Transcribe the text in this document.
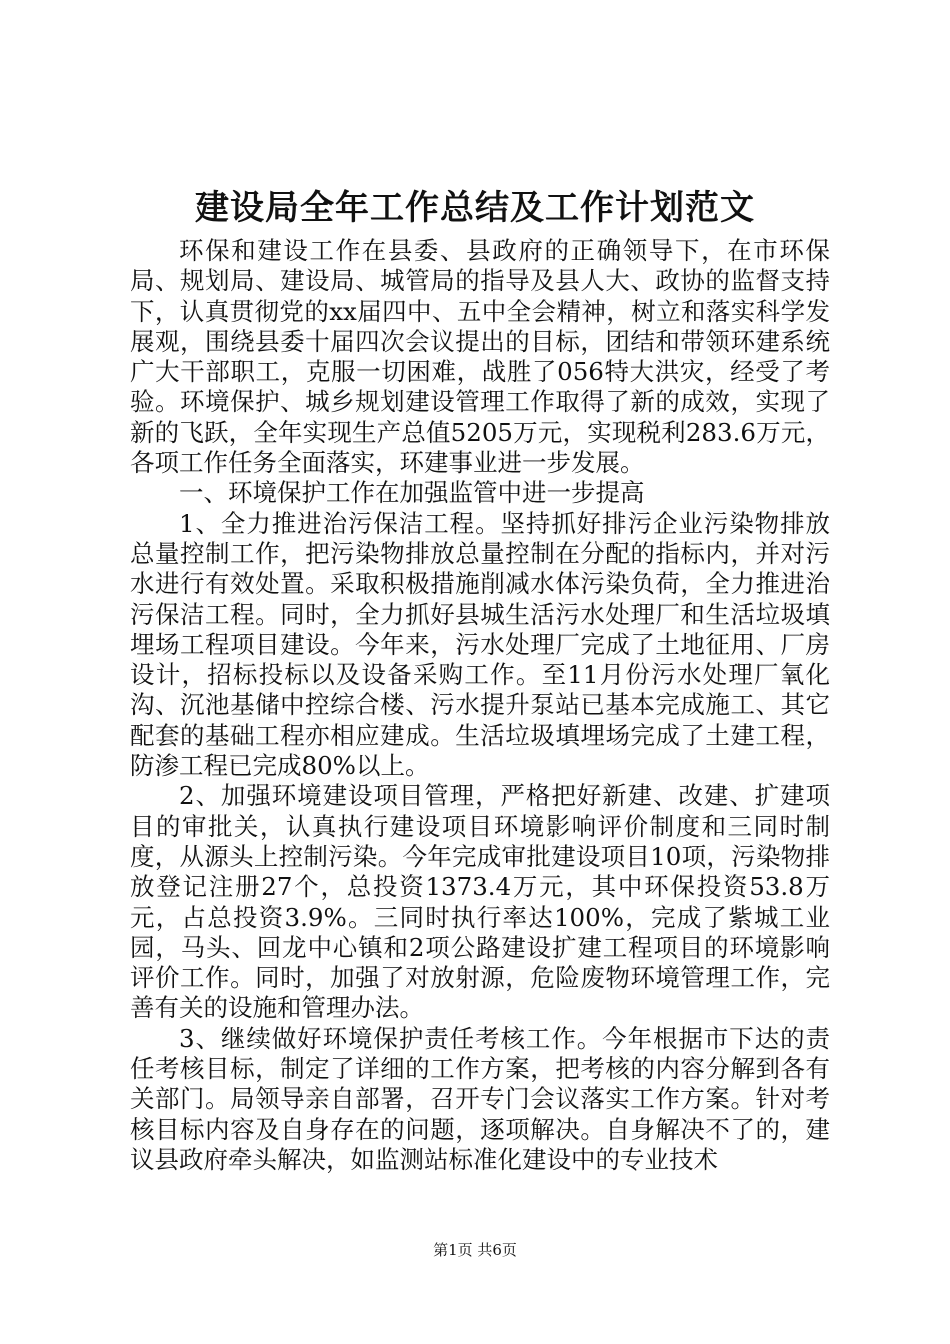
建设局全年工作总结及工作计划范文

环保和建设工作在县委、县政府的正确领导下，在市环保局、规划局、建设局、城管局的指导及县人大、政协的监督支持下，认真贯彻党的xx届四中、五中全会精神，树立和落实科学发展观，围绕县委十届四次会议提出的目标，团结和带领环建系统广大干部职工，克服一切困难，战胜了056特大洪灾，经受了考验。环境保护、城乡规划建设管理工作取得了新的成效，实现了新的飞跃，全年实现生产总值5205万元，实现税利283.6万元，各项工作任务全面落实，环建事业进一步发展。

一、环境保护工作在加强监管中进一步提高

1、全力推进治污保洁工程。坚持抓好排污企业污染物排放总量控制工作，把污染物排放总量控制在分配的指标内，并对污水进行有效处置。采取积极措施削减水体污染负荷，全力推进治污保洁工程。同时，全力抓好县城生活污水处理厂和生活垃圾填埋场工程项目建设。今年来，污水处理厂完成了土地征用、厂房设计，招标投标以及设备采购工作。至11月份污水处理厂氧化沟、沉池基储中控综合楼、污水提升泵站已基本完成施工、其它配套的基础工程亦相应建成。生活垃圾填埋场完成了土建工程，防渗工程已完成80%以上。

2、加强环境建设项目管理，严格把好新建、改建、扩建项目的审批关，认真执行建设项目环境影响评价制度和三同时制度，从源头上控制污染。今年完成审批建设项目10项，污染物排放登记注册27个，总投资1373.4万元，其中环保投资53.8万元，占总投资3.9%。三同时执行率达100%，完成了紫城工业园，马头、回龙中心镇和2项公路建设扩建工程项目的环境影响评价工作。同时，加强了对放射源，危险废物环境管理工作，完善有关的设施和管理办法。

3、继续做好环境保护责任考核工作。今年根据市下达的责任考核目标，制定了详细的工作方案，把考核的内容分解到各有关部门。局领导亲自部署，召开专门会议落实工作方案。针对考核目标内容及自身存在的问题，逐项解决。自身解决不了的，建议县政府牵头解决，如监测站标准化建设中的专业技术

第1页 共6页
